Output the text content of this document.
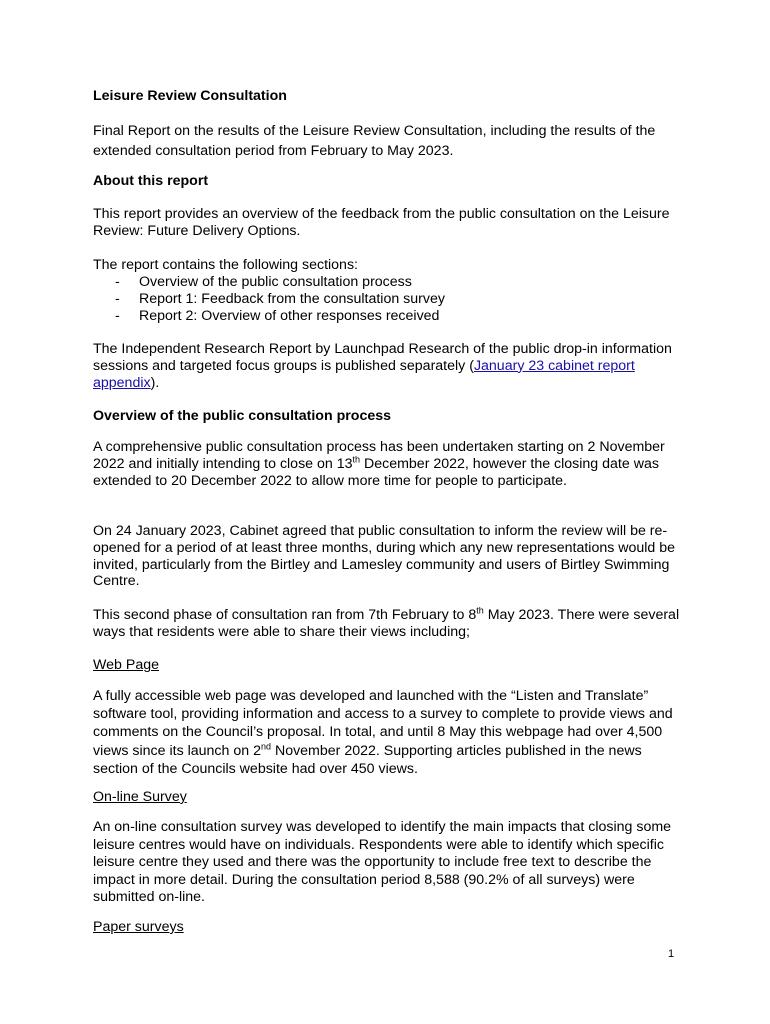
Leisure Review Consultation

Final Report on the results of the Leisure Review Consultation, including the results of the extended consultation period from February to May 2023.

About this report

This report provides an overview of the feedback from the public consultation on the Leisure Review: Future Delivery Options.

The report contains the following sections:

- Overview of the public consultation process
- Report 1: Feedback from the consultation survey
- Report 2: Overview of other responses received

The Independent Research Report by Launchpad Research of the public drop-in information sessions and targeted focus groups is published separately (January 23 cabinet report appendix).

Overview of the public consultation process

A comprehensive public consultation process has been undertaken starting on 2 November 2022 and initially intending to close on 13th December 2022, however the closing date was extended to 20 December 2022 to allow more time for people to participate.

On 24 January 2023, Cabinet agreed that public consultation to inform the review will be re-opened for a period of at least three months, during which any new representations would be invited, particularly from the Birtley and Lamesley community and users of Birtley Swimming Centre.

This second phase of consultation ran from 7th February to 8th May 2023. There were several ways that residents were able to share their views including;

Web Page

A fully accessible web page was developed and launched with the “Listen and Translate” software tool, providing information and access to a survey to complete to provide views and comments on the Council’s proposal. In total, and until 8 May this webpage had over 4,500 views since its launch on 2nd November 2022. Supporting articles published in the news section of the Councils website had over 450 views.

On-line Survey

An on-line consultation survey was developed to identify the main impacts that closing some leisure centres would have on individuals. Respondents were able to identify which specific leisure centre they used and there was the opportunity to include free text to describe the impact in more detail. During the consultation period 8,588 (90.2% of all surveys) were submitted on-line.

Paper surveys

1
